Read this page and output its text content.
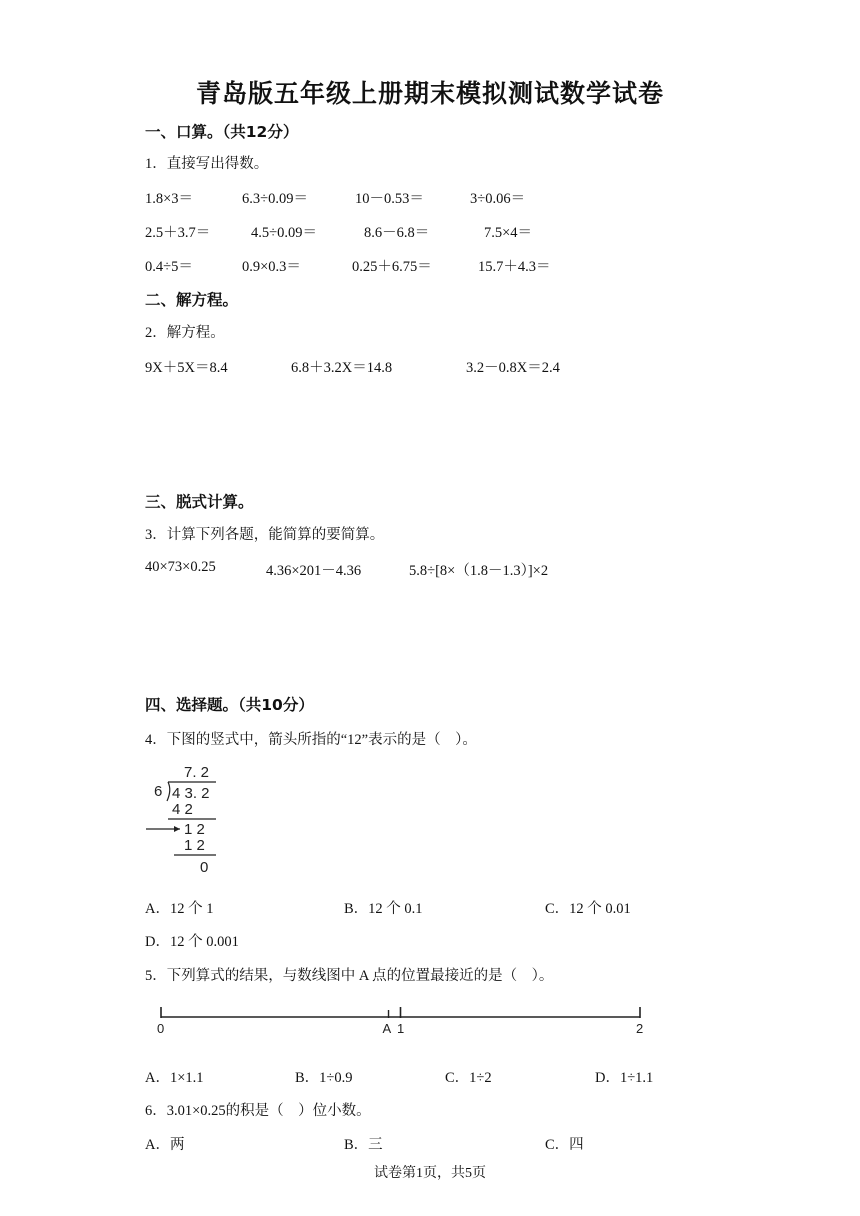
青岛版五年级上册期末模拟测试数学试卷
一、口算。（共12分）
1．直接写出得数。
1.8×3＝	6.3÷0.09＝	10－0.53＝	3÷0.06＝
2.5＋3.7＝	4.5÷0.09＝	8.6－6.8＝	7.5×4＝
0.4÷5＝	0.9×0.3＝	0.25＋6.75＝	15.7＋4.3＝
二、解方程。
2．解方程。
9X＋5X＝8.4	6.8＋3.2X＝14.8	3.2－0.8X＝2.4
三、脱式计算。
3．计算下列各题，能简算的要简算。
40×73×0.25	4.36×201－4.36	5.8÷[8×（1.8－1.3）]×2
四、选择题。（共10分）
4．下图的竖式中，箭头所指的“12”表示的是（　）。
7. 2
6 4 3. 2
4 2
1 2
1 2
0
A．12 个 1	B．12 个 0.1	C．12 个 0.01
D．12 个 0.001
5．下列算式的结果，与数线图中 A 点的位置最接近的是（　）。
0	A 1	2
A．1×1.1	B．1÷0.9	C．1÷2	D．1÷1.1
6．3.01×0.25的积是（　）位小数。
A．两	B．三	C．四
试卷第1页，共5页
